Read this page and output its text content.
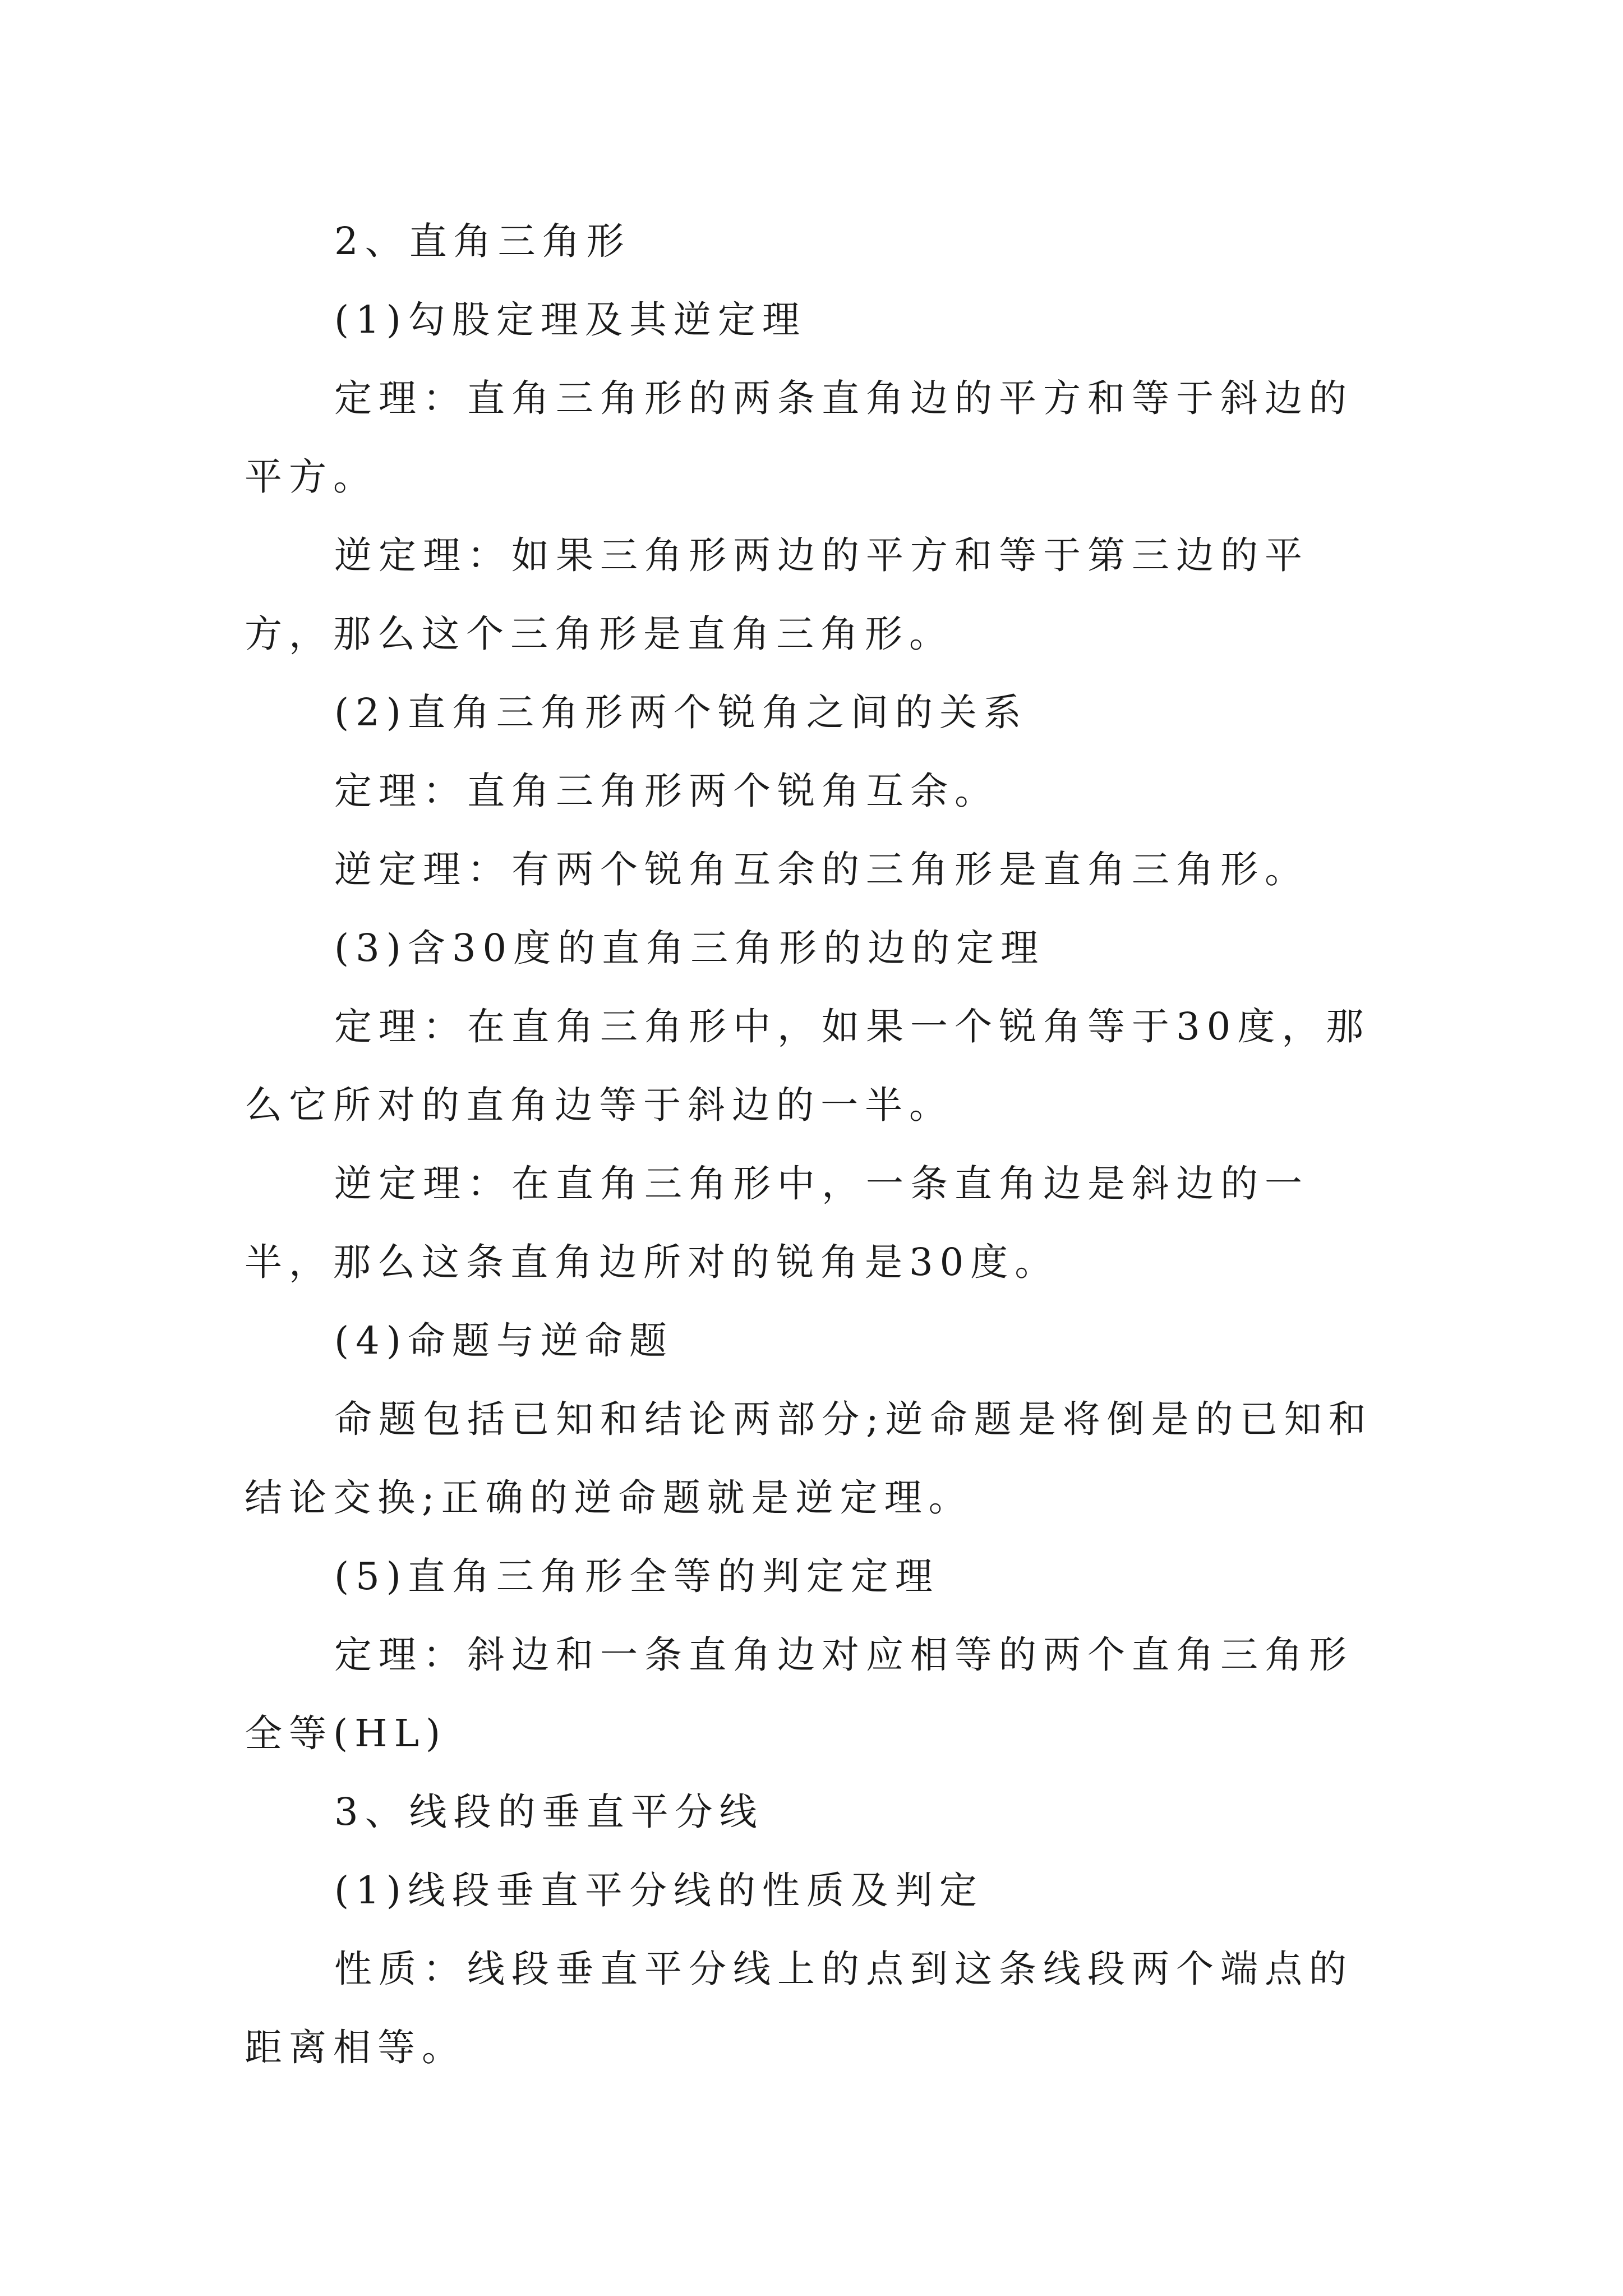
2、直角三角形

(1)勾股定理及其逆定理

定理：直角三角形的两条直角边的平方和等于斜边的平方。

逆定理：如果三角形两边的平方和等于第三边的平方，那么这个三角形是直角三角形。

(2)直角三角形两个锐角之间的关系

定理：直角三角形两个锐角互余。

逆定理：有两个锐角互余的三角形是直角三角形。

(3)含30度的直角三角形的边的定理

定理：在直角三角形中，如果一个锐角等于30度，那么它所对的直角边等于斜边的一半。

逆定理：在直角三角形中，一条直角边是斜边的一半，那么这条直角边所对的锐角是30度。

(4)命题与逆命题

命题包括已知和结论两部分;逆命题是将倒是的已知和结论交换;正确的逆命题就是逆定理。

(5)直角三角形全等的判定定理

定理：斜边和一条直角边对应相等的两个直角三角形全等(HL)

3、线段的垂直平分线

(1)线段垂直平分线的性质及判定

性质：线段垂直平分线上的点到这条线段两个端点的距离相等。
